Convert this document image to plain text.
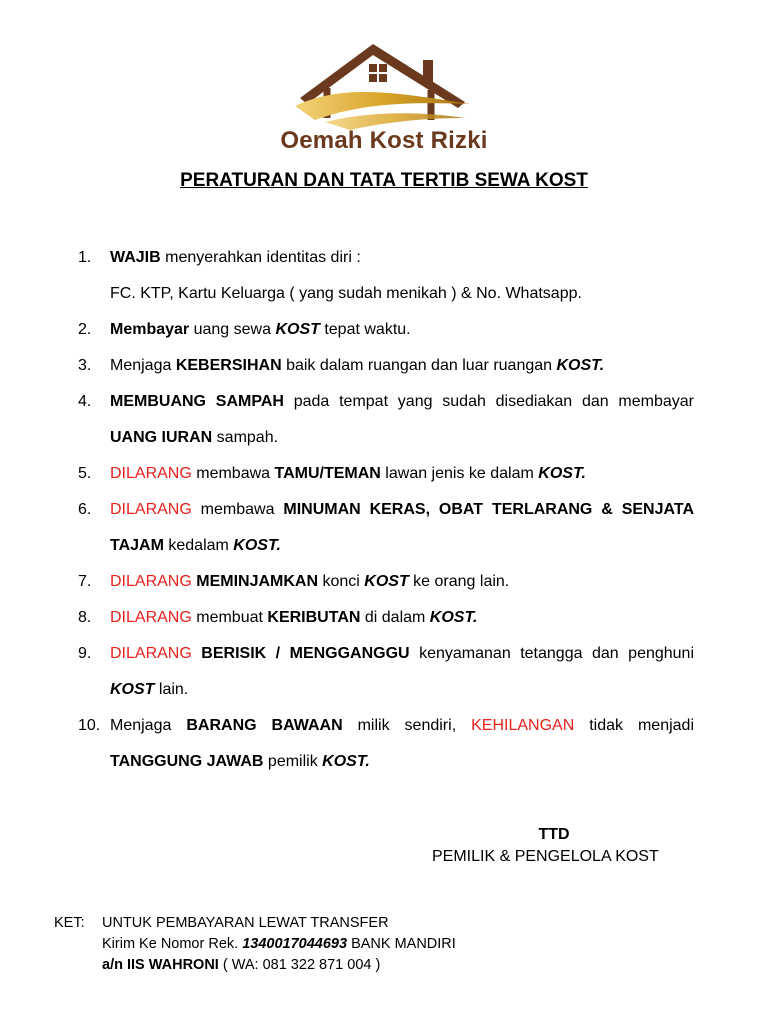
Oemah Kost Rizki
PERATURAN DAN TATA TERTIB SEWA KOST
1.	WAJIB menyerahkan identitas diri :
FC. KTP, Kartu Keluarga ( yang sudah menikah ) & No. Whatsapp.
2.	Membayar uang sewa KOST tepat waktu.
3.	Menjaga KEBERSIHAN baik dalam ruangan dan luar ruangan KOST.
4.	MEMBUANG SAMPAH pada tempat yang sudah disediakan dan membayar UANG IURAN sampah.
5.	DILARANG membawa TAMU/TEMAN lawan jenis ke dalam KOST.
6.	DILARANG membawa MINUMAN KERAS, OBAT TERLARANG & SENJATA TAJAM kedalam KOST.
7.	DILARANG MEMINJAMKAN konci KOST ke orang lain.
8.	DILARANG membuat KERIBUTAN di dalam KOST.
9.	DILARANG BERISIK / MENGGANGGU kenyamanan tetangga dan penghuni KOST lain.
10. Menjaga BARANG BAWAAN milik sendiri, KEHILANGAN tidak menjadi TANGGUNG JAWAB pemilik KOST.
TTD
PEMILIK & PENGELOLA KOST
KET:	UNTUK PEMBAYARAN LEWAT TRANSFER
Kirim Ke Nomor Rek. 1340017044693 BANK MANDIRI
a/n IIS WAHRONI ( WA: 081 322 871 004 )
